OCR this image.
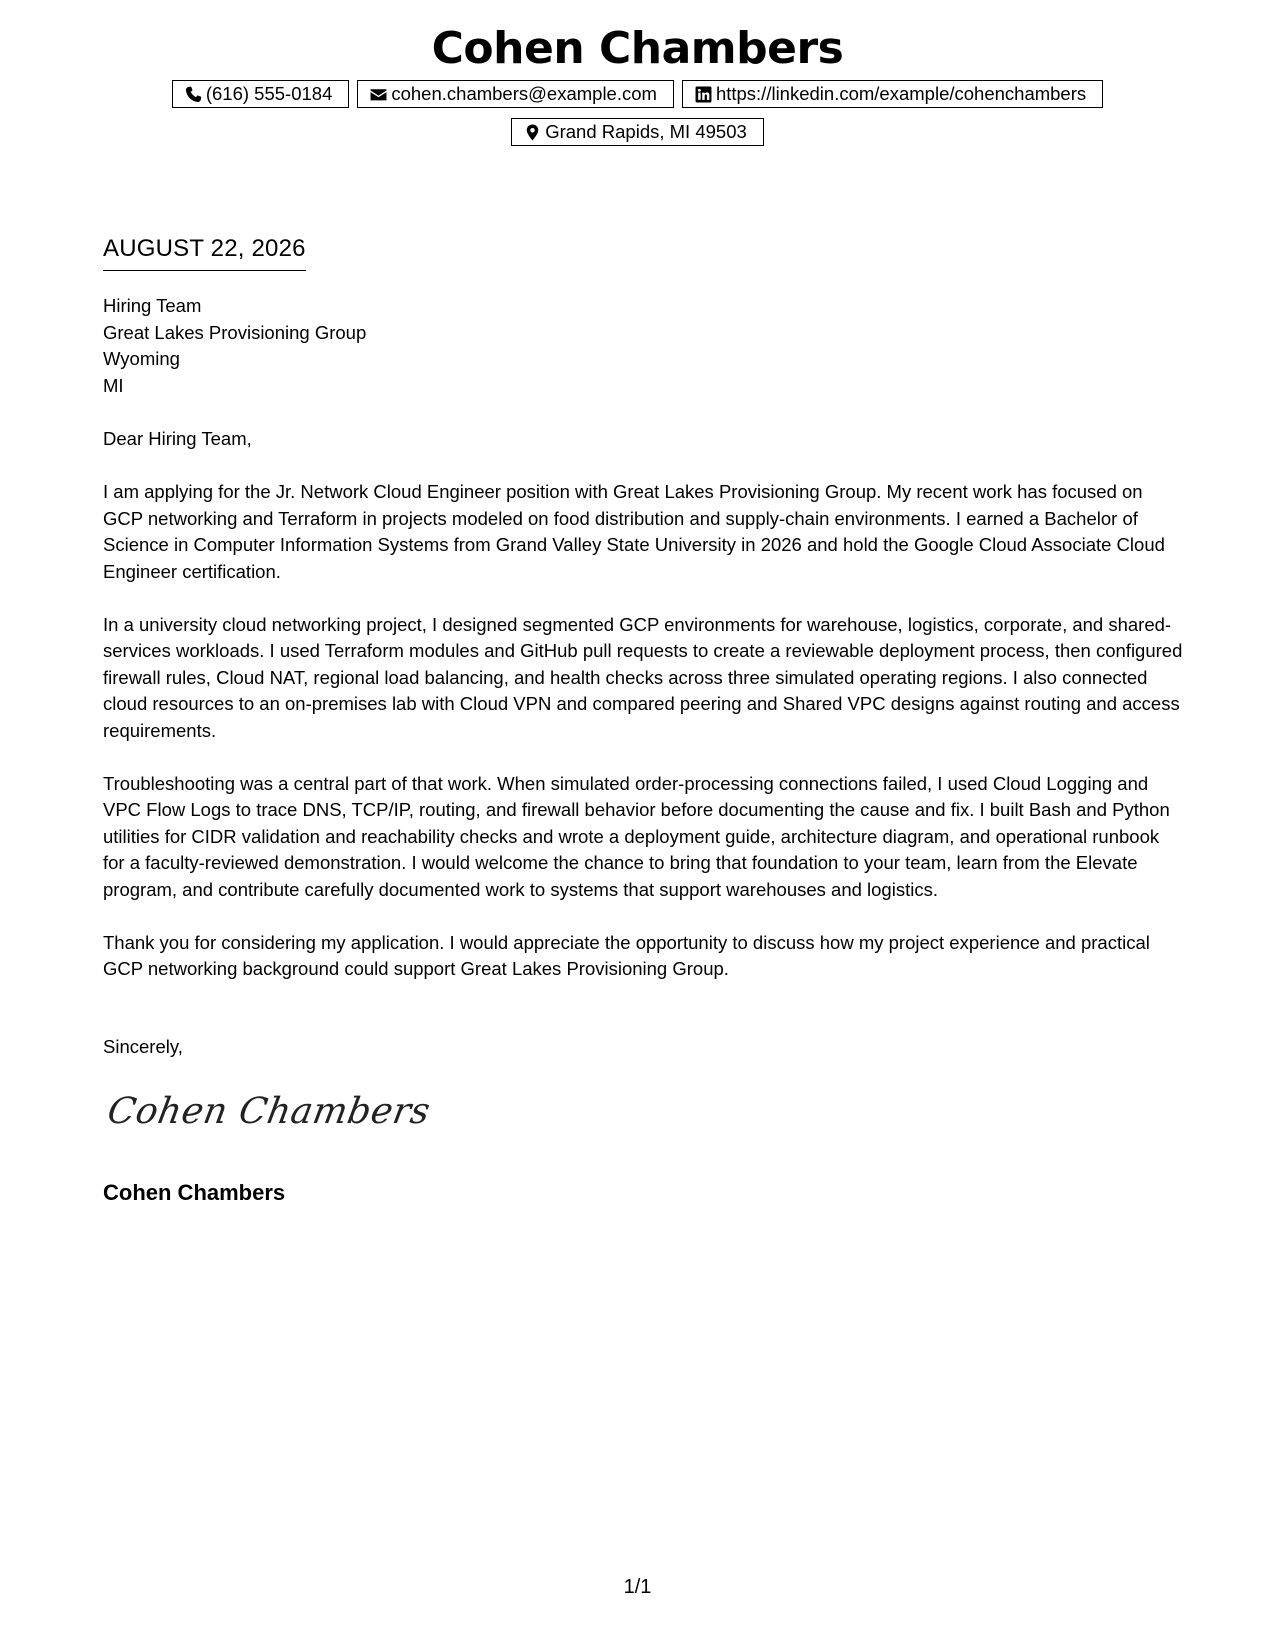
Cohen Chambers
(616) 555-0184	cohen.chambers@example.com	https://linkedin.com/example/cohenchambers
Grand Rapids, MI 49503
AUGUST 22, 2026
Hiring Team
Great Lakes Provisioning Group
Wyoming
MI

Dear Hiring Team,

I am applying for the Jr. Network Cloud Engineer position with Great Lakes Provisioning Group. My recent work has focused on GCP networking and Terraform in projects modeled on food distribution and supply-chain environments. I earned a Bachelor of Science in Computer Information Systems from Grand Valley State University in 2026 and hold the Google Cloud Associate Cloud Engineer certification.

In a university cloud networking project, I designed segmented GCP environments for warehouse, logistics, corporate, and shared-services workloads. I used Terraform modules and GitHub pull requests to create a reviewable deployment process, then configured firewall rules, Cloud NAT, regional load balancing, and health checks across three simulated operating regions. I also connected cloud resources to an on-premises lab with Cloud VPN and compared peering and Shared VPC designs against routing and access requirements.

Troubleshooting was a central part of that work. When simulated order-processing connections failed, I used Cloud Logging and VPC Flow Logs to trace DNS, TCP/IP, routing, and firewall behavior before documenting the cause and fix. I built Bash and Python utilities for CIDR validation and reachability checks and wrote a deployment guide, architecture diagram, and operational runbook for a faculty-reviewed demonstration. I would welcome the chance to bring that foundation to your team, learn from the Elevate program, and contribute carefully documented work to systems that support warehouses and logistics.

Thank you for considering my application. I would appreciate the opportunity to discuss how my project experience and practical GCP networking background could support Great Lakes Provisioning Group.

Sincerely,
Cohen Chambers
Cohen Chambers
1/1
